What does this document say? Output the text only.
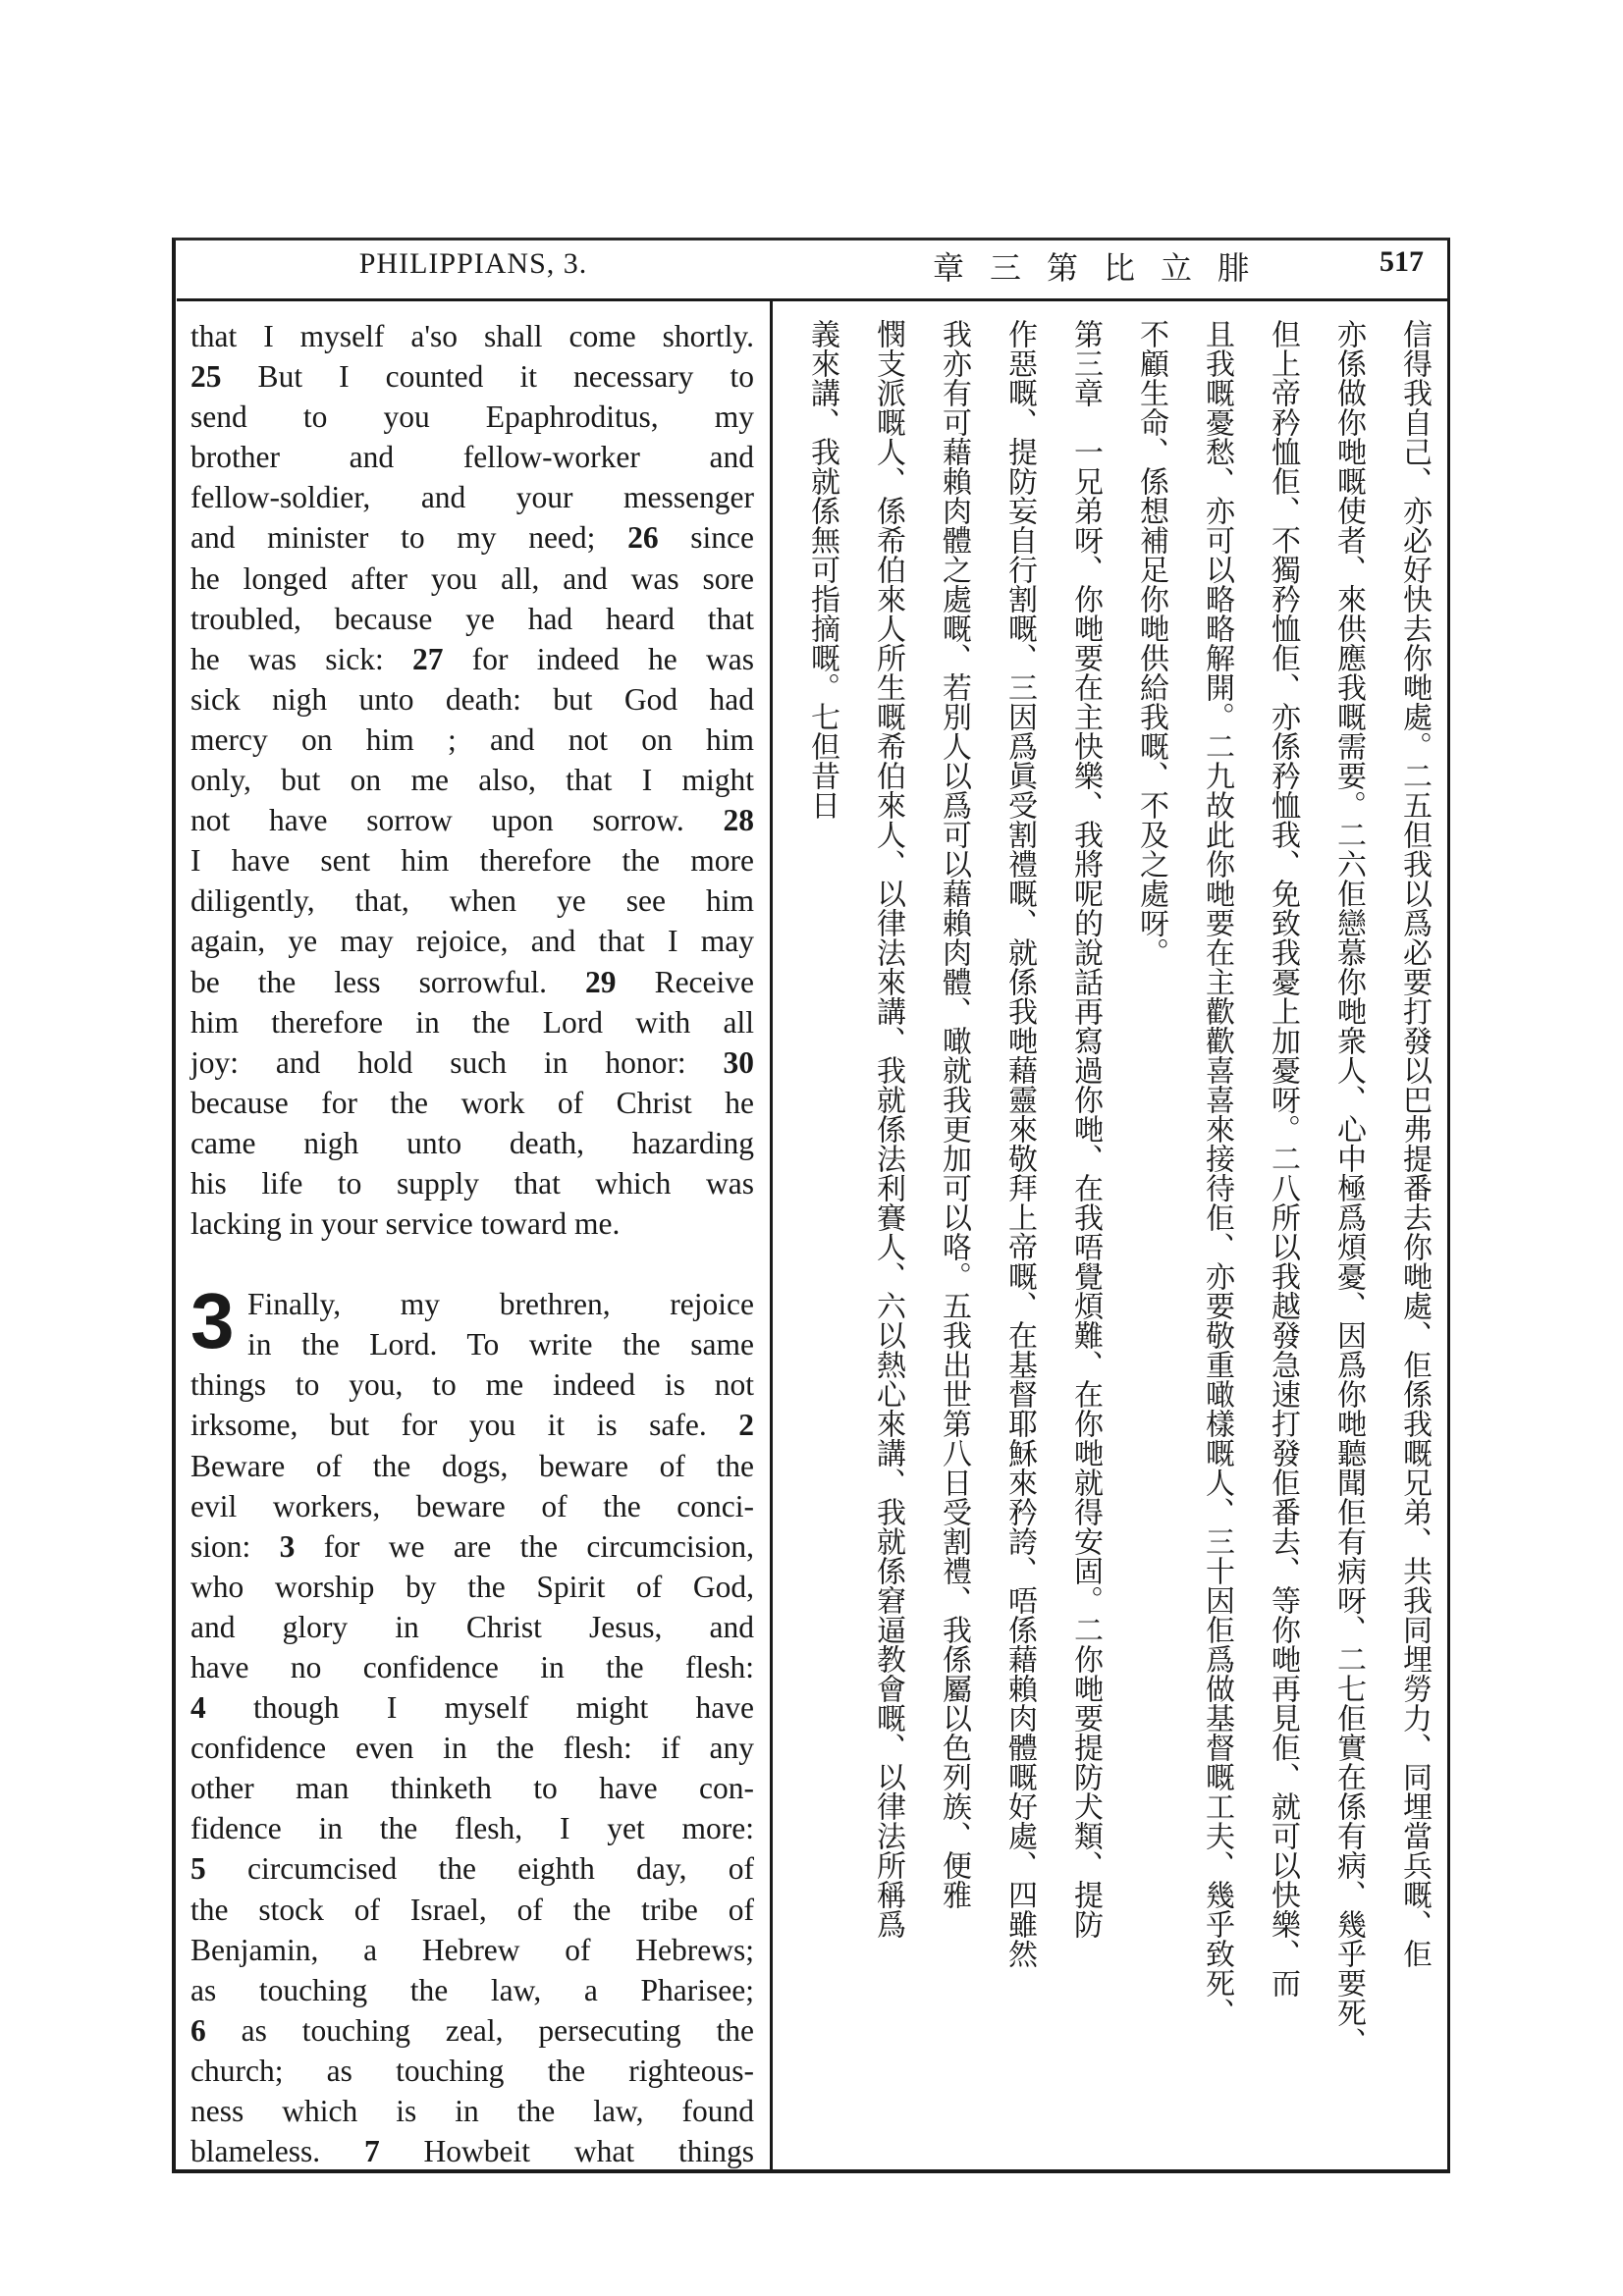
PHILIPPIANS, 3.	章三第比立腓	517
that I myself a'so shall come shortly.
25 But I counted it necessary to
send to you Epaphroditus, my
brother and fellow-worker and
fellow-soldier, and your messenger
and minister to my need; 26 since
he longed after you all, and was sore
troubled, because ye had heard that
he was sick: 27 for indeed he was
sick nigh unto death: but God had
mercy on him ; and not on him
only, but on me also, that I might
not have sorrow upon sorrow. 28
I have sent him therefore the more
diligently, that, when ye see him
again, ye may rejoice, and that I may
be the less sorrowful. 29 Receive
him therefore in the Lord with all
joy: and hold such in honor: 30
because for the work of Christ he
came nigh unto death, hazarding
his life to supply that which was
lacking in your service toward me.
3 Finally, my brethren, rejoice
in the Lord. To write the same
things to you, to me indeed is not
irksome, but for you it is safe. 2
Beware of the dogs, beware of the
evil workers, beware of the conci-
sion: 3 for we are the circumcision,
who worship by the Spirit of God,
and glory in Christ Jesus, and
have no confidence in the flesh:
4 though I myself might have
confidence even in the flesh: if any
other man thinketh to have con-
fidence in the flesh, I yet more:
5 circumcised the eighth day, of
the stock of Israel, of the tribe of
Benjamin, a Hebrew of Hebrews;
as touching the law, a Pharisee;
6 as touching zeal, persecuting the
church; as touching the righteous-
ness which is in the law, found
blameless. 7 Howbeit what things
信得我自己、亦必好快去你哋處。二五但我以爲必要打發以巴弗提番去你哋處、佢係我嘅兄弟、共我同埋勞力、同埋當兵嘅、佢
亦係做你哋嘅使者、來供應我嘅需要。二六佢戀慕你哋衆人、心中極爲煩憂、因爲你哋聽聞佢有病呀、二七佢實在係有病、幾乎要死、
但上帝矜恤佢、不獨矜恤佢、亦係矜恤我、免致我憂上加憂呀。二八所以我越發急速打發佢番去、等你哋再見佢、就可以快樂、而
且我嘅憂愁、亦可以略略解開。二九故此你哋要在主歡歡喜喜來接待佢、亦要敬重噉樣嘅人、三十因佢爲做基督嘅工夫、幾乎致死、
不顧生命、係想補足你哋供給我嘅、不及之處呀。
第三章　一兄弟呀、你哋要在主快樂、我將呢的說話再寫過你哋、在我唔覺煩難、在你哋就得安固。二你哋要提防犬類、提防
作惡嘅、提防妄自行割嘅、三因爲眞受割禮嘅、就係我哋藉靈來敬拜上帝嘅、在基督耶穌來矜誇、唔係藉賴肉體嘅好處、四雖然
我亦有可藉賴肉體之處嘅、若別人以爲可以藉賴肉體、噉就我更加可以咯。五我出世第八日受割禮、我係屬以色列族、便雅
憫支派嘅人、係希伯來人所生嘅希伯來人、以律法來講、我就係法利賽人、六以熱心來講、我就係窘逼教會嘅、以律法所稱爲
義來講、我就係無可指摘嘅。七但昔日
